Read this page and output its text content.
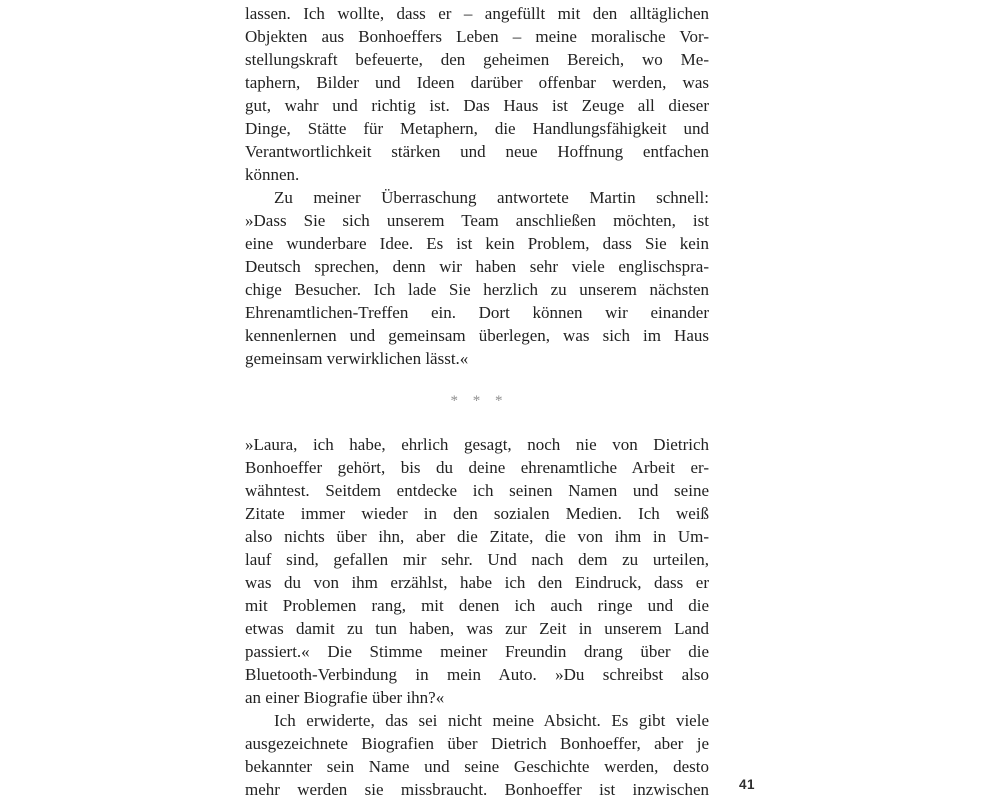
lassen. Ich wollte, dass er – angefüllt mit den alltäglichen
Objekten aus Bonhoeffers Leben – meine moralische Vor-
stellungskraft befeuerte, den geheimen Bereich, wo Me-
taphern, Bilder und Ideen darüber offenbar werden, was
gut, wahr und richtig ist. Das Haus ist Zeuge all dieser
Dinge, Stätte für Metaphern, die Handlungsfähigkeit und
Verantwortlichkeit stärken und neue Hoffnung entfachen
können.
Zu meiner Überraschung antwortete Martin schnell:
»Dass Sie sich unserem Team anschließen möchten, ist
eine wunderbare Idee. Es ist kein Problem, dass Sie kein
Deutsch sprechen, denn wir haben sehr viele englischspra-
chige Besucher. Ich lade Sie herzlich zu unserem nächsten
Ehrenamtlichen-Treffen ein. Dort können wir einander
kennenlernen und gemeinsam überlegen, was sich im Haus
gemeinsam verwirklichen lässt.«
* * *
»Laura, ich habe, ehrlich gesagt, noch nie von Dietrich
Bonhoeffer gehört, bis du deine ehrenamtliche Arbeit er-
wähntest. Seitdem entdecke ich seinen Namen und seine
Zitate immer wieder in den sozialen Medien. Ich weiß
also nichts über ihn, aber die Zitate, die von ihm in Um-
lauf sind, gefallen mir sehr. Und nach dem zu urteilen,
was du von ihm erzählst, habe ich den Eindruck, dass er
mit Problemen rang, mit denen ich auch ringe und die
etwas damit zu tun haben, was zur Zeit in unserem Land
passiert.« Die Stimme meiner Freundin drang über die
Bluetooth-Verbindung in mein Auto. »Du schreibst also
an einer Biografie über ihn?«
Ich erwiderte, das sei nicht meine Absicht. Es gibt viele
ausgezeichnete Biografien über Dietrich Bonhoeffer, aber je
bekannter sein Name und seine Geschichte werden, desto
mehr werden sie missbraucht. Bonhoeffer ist inzwischen 41
